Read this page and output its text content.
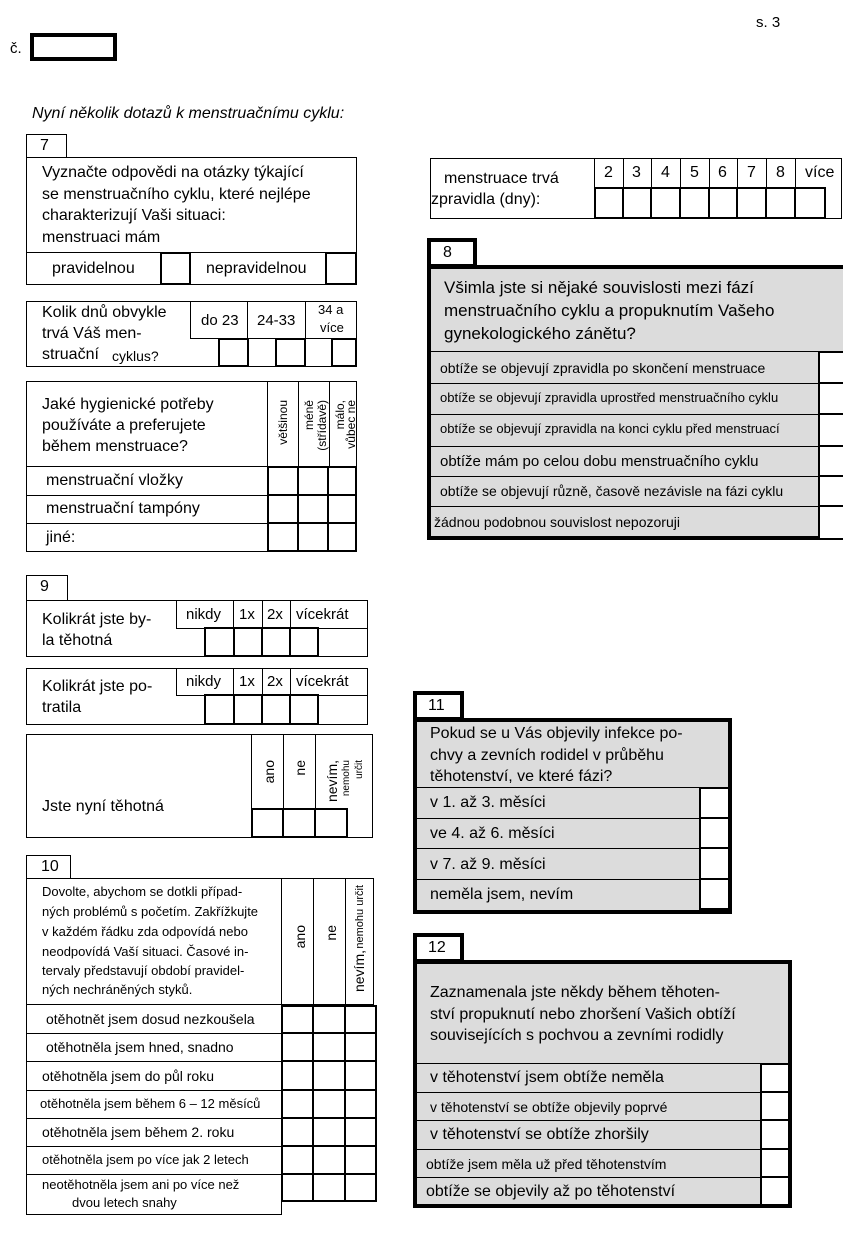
s. 3
č.
Nyní několik dotazů k menstruačnímu cyklu:
7
Vyznačte odpovědi na otázky týkající
se menstruačního cyklu, které nejlépe
charakterizují Vaši situaci:
menstruaci mám
pravidelnou	nepravidelnou
Kolik dnů obvykle
trvá Váš men-
struační cyklus?
do 23 24-33
34 a
více
Jaké hygienické potřeby
používáte a preferujete
během menstruace?
většinou méně (střídavě) málo,
vůbec ne
menstruační vložky
menstruační tampóny
jiné:
menstruace trvá
zpravidla (dny):
2 3 4 5 6 7 8 více
8
Všimla jste si nějaké souvislosti mezi fází
menstruačního cyklu a propuknutím Vašeho
gynekologického zánětu?
obtíže se objevují zpravidla po skončení menstruace
obtíže se objevují zpravidla uprostřed menstruačního cyklu
obtíže se objevují zpravidla na konci cyklu před menstruací
obtíže mám po celou dobu menstruačního cyklu
obtíže se objevují různě, časově nezávisle na fázi cyklu
žádnou podobnou souvislost nepozoruji
9
Kolikrát jste by-
la těhotná
nikdy 1x 2x vícekrát
Kolikrát jste po-
tratila
nikdy 1x 2x vícekrát
Jste nyní těhotná
ano ne nevím, nemohu určit
10
Dovolte, abychom se dotkli případ-
ných problémů s početím. Zakřížkujte
v každém řádku zda odpovídá nebo
neodpovídá Vaší situaci. Časové in-
tervaly představují období pravidel-
ných nechráněných styků.
ano ne
nevím,
nemohu určit
otěhotnět jsem dosud nezkoušela
otěhotněla jsem hned, snadno
otěhotněla jsem do půl roku
otěhotněla jsem během 6 – 12 měsíců
otěhotněla jsem během 2. roku
otěhotněla jsem po více jak 2 letech
neotěhotněla jsem ani po více než
dvou letech snahy
11
Pokud se u Vás objevily infekce po-
chvy a zevních rodidel v průběhu
těhotenství, ve které fázi?
v 1. až 3. měsíci
ve 4. až 6. měsíci
v 7. až 9. měsíci
neměla jsem, nevím
12
Zaznamenala jste někdy během těhoten-
ství propuknutí nebo zhoršení Vašich obtíží
souvisejících s pochvou a zevními rodidly
v těhotenství jsem obtíže neměla
v těhotenství se obtíže objevily poprvé
v těhotenství se obtíže zhoršily
obtíže jsem měla už před těhotenstvím
obtíže se objevily až po těhotenství
